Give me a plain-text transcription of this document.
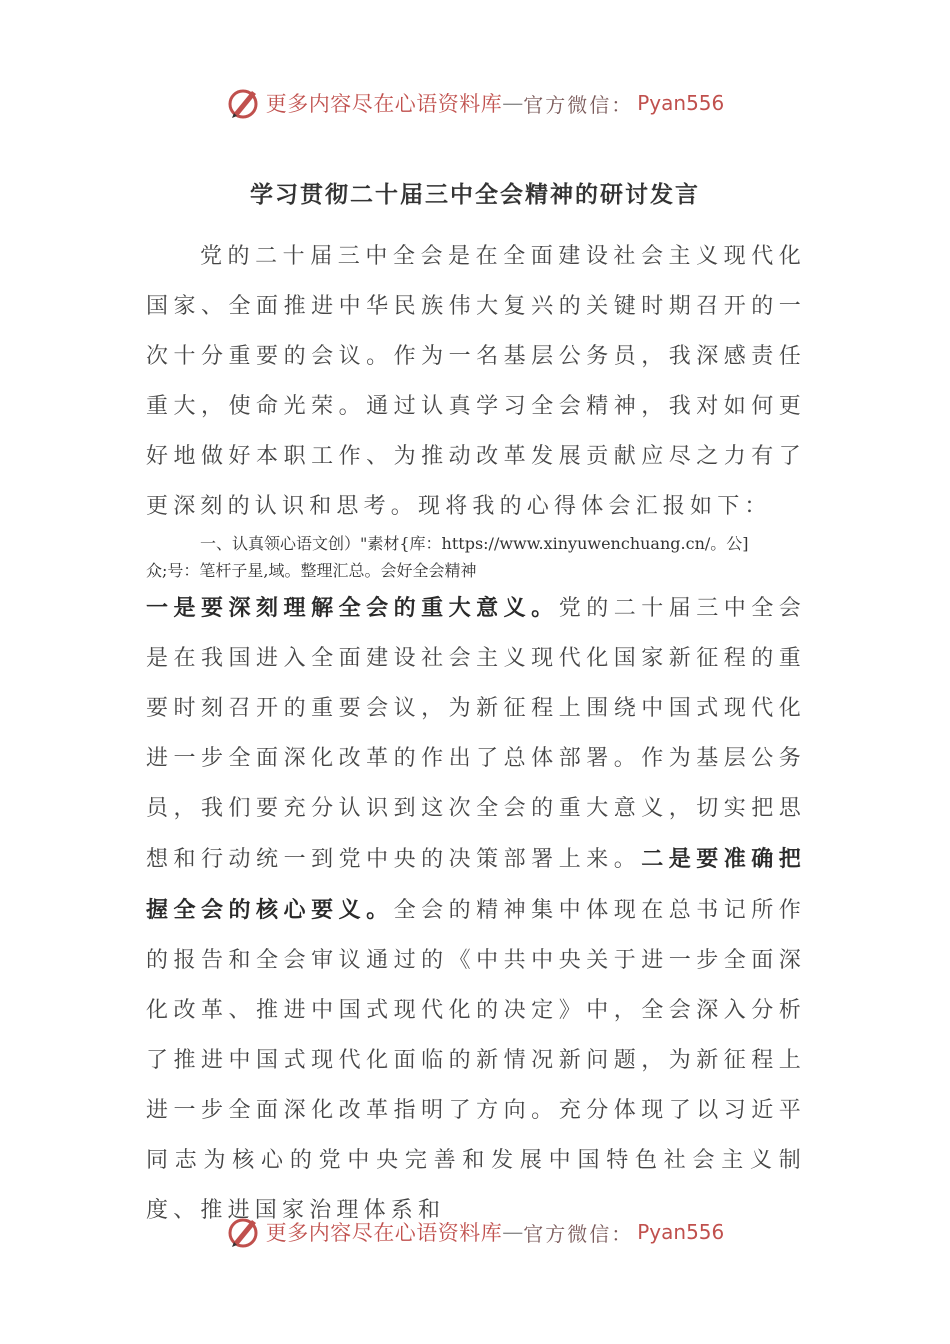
更多内容尽在心语资料库 — 官方微信： Pyan556
学习贯彻二十届三中全会精神的研讨发言

党的二十届三中全会是在全面建设社会主义现代化国家、全面推进中华民族伟大复兴的关键时期召开的一次十分重要的会议。作为一名基层公务员，我深感责任重大，使命光荣。通过认真学习全会精神，我对如何更好地做好本职工作、为推动改革发展贡献应尽之力有了更深刻的认识和思考。现将我的心得体会汇报如下：

一、认真领心语文创）"素材{库：https://www.xinyuwenchuang.cn/。公]
众;号：笔杆子星,域。整理汇总。会好全会精神

一是要深刻理解全会的重大意义。党的二十届三中全会是在我国进入全面建设社会主义现代化国家新征程的重要时刻召开的重要会议，为新征程上围绕中国式现代化进一步全面深化改革的作出了总体部署。作为基层公务员，我们要充分认识到这次全会的重大意义，切实把思想和行动统一到党中央的决策部署上来。二是要准确把握全会的核心要义。全会的精神集中体现在总书记所作的报告和全会审议通过的《中共中央关于进一步全面深化改革、推进中国式现代化的决定》中，全会深入分析了推进中国式现代化面临的新情况新问题，为新征程上进一步全面深化改革指明了方向。充分体现了以习近平同志为核心的党中央完善和发展中国特色社会主义制度、推进国家治理体系和

更多内容尽在心语资料库 — 官方微信： Pyan556
